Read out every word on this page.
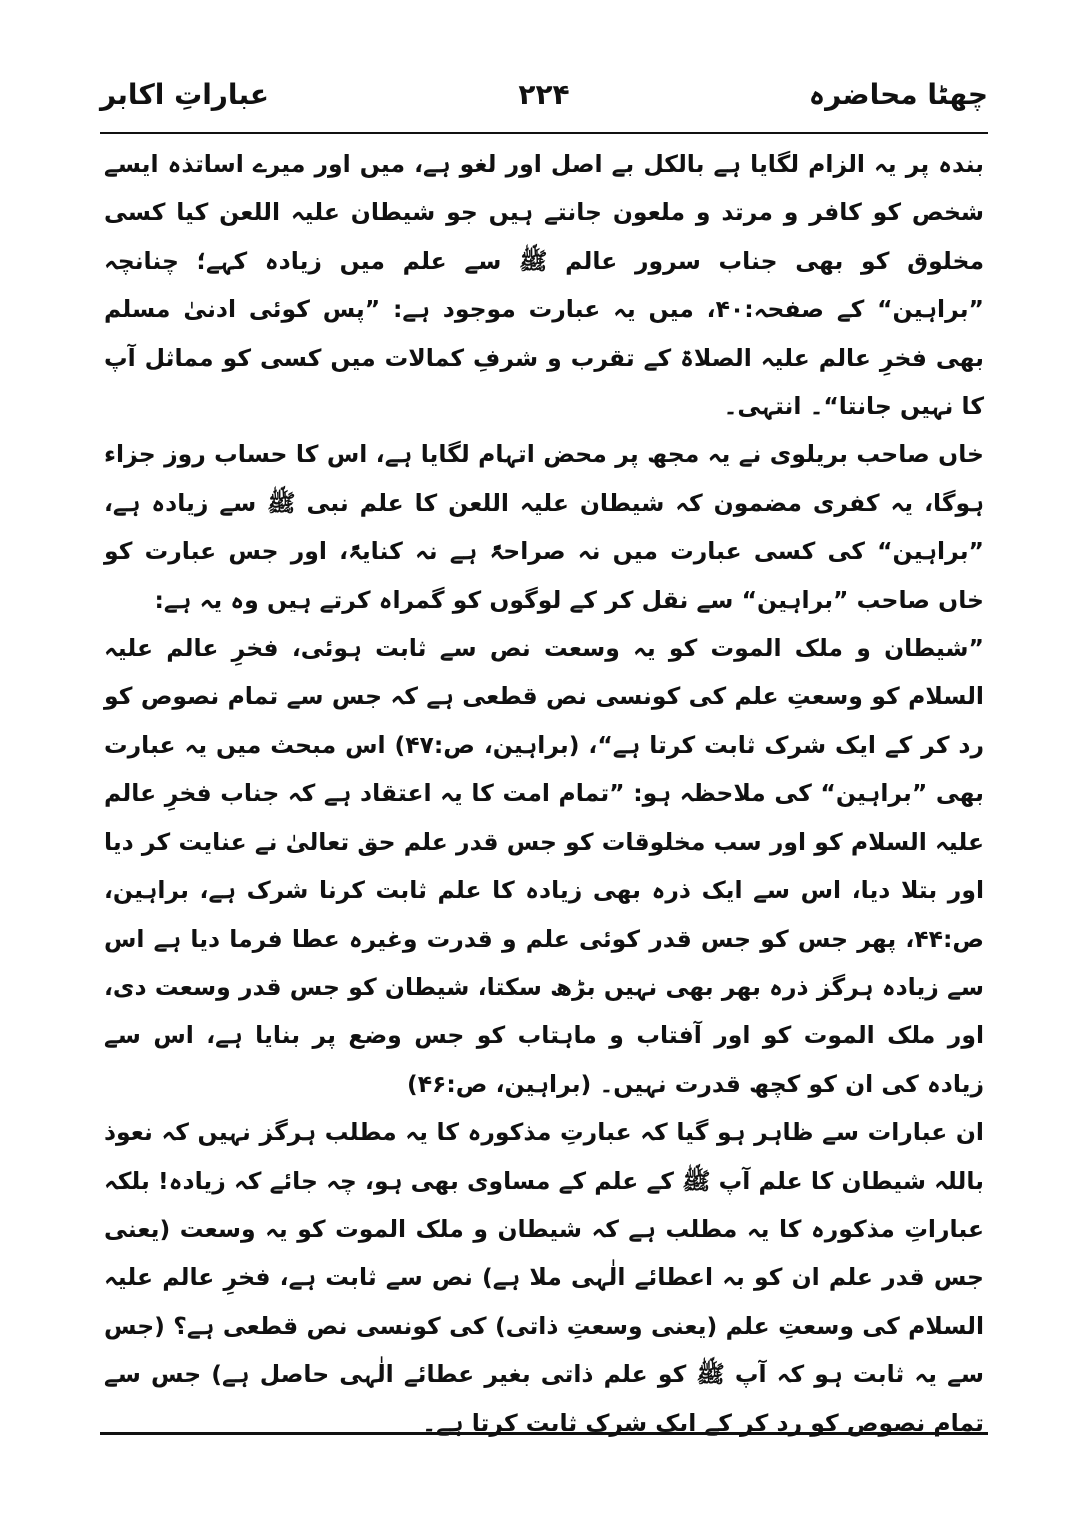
چھٹا محاضرہ
۲۲۴
عباراتِ اکابر

بندہ پر یہ الزام لگایا ہے بالکل بے اصل اور لغو ہے، میں اور میرے اساتذہ ایسے شخص کو کافر و مرتد و ملعون جانتے ہیں جو شیطان علیہ اللعن کیا کسی مخلوق کو بھی جناب سرور عالم ﷺ سے علم میں زیادہ کہے؛ چنانچہ ”براہین“ کے صفحہ:۴۰، میں یہ عبارت موجود ہے: ”پس کوئی ادنیٰ مسلم بھی فخرِ عالم علیہ الصلاۃ کے تقرب و شرفِ کمالات میں کسی کو مماثل آپ کا نہیں جانتا“۔ انتہی۔

خاں صاحب بریلوی نے یہ مجھ پر محض اتہام لگایا ہے، اس کا حساب روز جزاء ہوگا، یہ کفری مضمون کہ شیطان علیہ اللعن کا علم نبی ﷺ سے زیادہ ہے، ”براہین“ کی کسی عبارت میں نہ صراحۃً ہے نہ کنایۃً، اور جس عبارت کو خاں صاحب ”براہین“ سے نقل کر کے لوگوں کو گمراہ کرتے ہیں وہ یہ ہے:

”شیطان و ملک الموت کو یہ وسعت نص سے ثابت ہوئی، فخرِ عالم علیہ السلام کو وسعتِ علم کی کونسی نص قطعی ہے کہ جس سے تمام نصوص کو رد کر کے ایک شرک ثابت کرتا ہے“، (براہین، ص:۴۷) اس مبحث میں یہ عبارت بھی ”براہین“ کی ملاحظہ ہو: ”تمام امت کا یہ اعتقاد ہے کہ جناب فخرِ عالم علیہ السلام کو اور سب مخلوقات کو جس قدر علم حق تعالیٰ نے عنایت کر دیا اور بتلا دیا، اس سے ایک ذرہ بھی زیادہ کا علم ثابت کرنا شرک ہے، براہین، ص:۴۴، پھر جس کو جس قدر کوئی علم و قدرت وغیرہ عطا فرما دیا ہے اس سے زیادہ ہرگز ذرہ بھر بھی نہیں بڑھ سکتا، شیطان کو جس قدر وسعت دی، اور ملک الموت کو اور آفتاب و ماہتاب کو جس وضع پر بنایا ہے، اس سے زیادہ کی ان کو کچھ قدرت نہیں۔ (براہین، ص:۴۶)

ان عبارات سے ظاہر ہو گیا کہ عبارتِ مذکورہ کا یہ مطلب ہرگز نہیں کہ نعوذ باللہ شیطان کا علم آپ ﷺ کے علم کے مساوی بھی ہو، چہ جائے کہ زیادہ! بلکہ عباراتِ مذکورہ کا یہ مطلب ہے کہ شیطان و ملک الموت کو یہ وسعت (یعنی جس قدر علم ان کو بہ اعطائے الٰہی ملا ہے) نص سے ثابت ہے، فخرِ عالم علیہ السلام کی وسعتِ علم (یعنی وسعتِ ذاتی) کی کونسی نص قطعی ہے؟ (جس سے یہ ثابت ہو کہ آپ ﷺ کو علم ذاتی بغیر عطائے الٰہی حاصل ہے) جس سے تمام نصوص کو رد کر کے ایک شرک ثابت کرتا ہے۔
